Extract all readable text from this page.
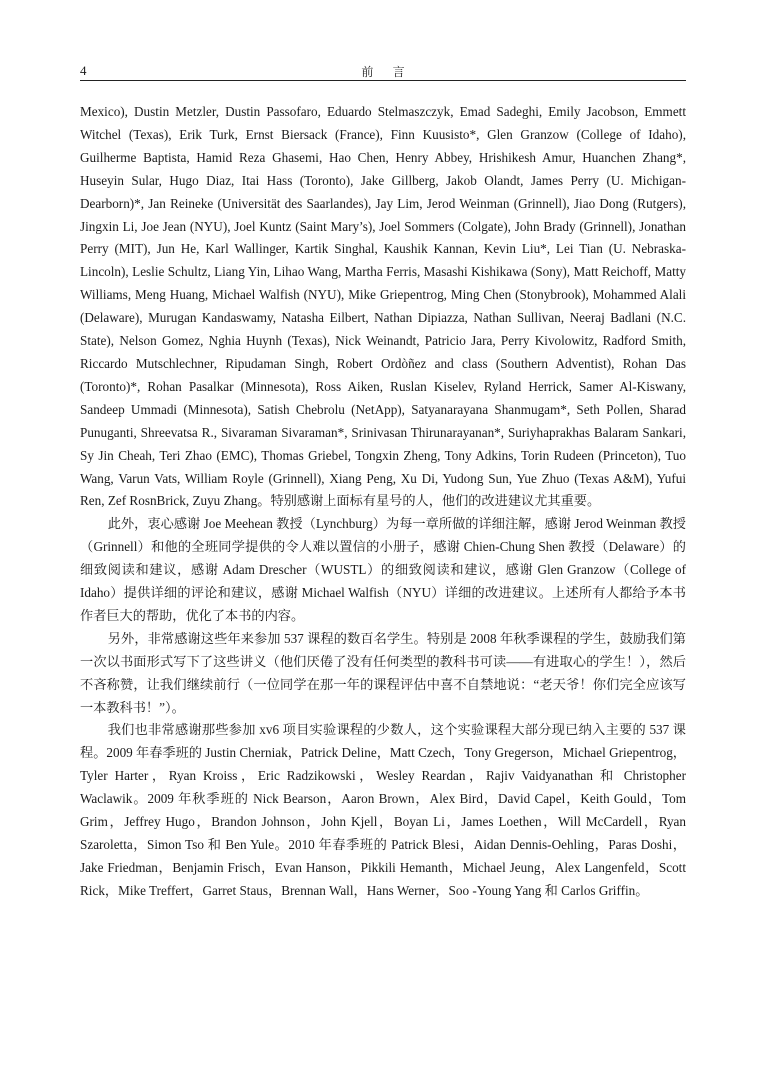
4	前言

Mexico), Dustin Metzler, Dustin Passofaro, Eduardo Stelmaszczyk, Emad Sadeghi, Emily Jacobson, Emmett Witchel (Texas), Erik Turk, Ernst Biersack (France), Finn Kuusisto*, Glen Granzow (College of Idaho), Guilherme Baptista, Hamid Reza Ghasemi, Hao Chen, Henry Abbey, Hrishikesh Amur, Huanchen Zhang*, Huseyin Sular, Hugo Diaz, Itai Hass (Toronto), Jake Gillberg, Jakob Olandt, James Perry (U. Michigan-Dearborn)*, Jan Reineke (Universität des Saarlandes), Jay Lim, Jerod Weinman (Grinnell), Jiao Dong (Rutgers), Jingxin Li, Joe Jean (NYU), Joel Kuntz (Saint Mary’s), Joel Sommers (Colgate), John Brady (Grinnell), Jonathan Perry (MIT), Jun He, Karl Wallinger, Kartik Singhal, Kaushik Kannan, Kevin Liu*, Lei Tian (U. Nebraska-Lincoln), Leslie Schultz, Liang Yin, Lihao Wang, Martha Ferris, Masashi Kishikawa (Sony), Matt Reichoff, Matty Williams, Meng Huang, Michael Walfish (NYU), Mike Griepentrog, Ming Chen (Stonybrook), Mohammed Alali (Delaware), Murugan Kandaswamy, Natasha Eilbert, Nathan Dipiazza, Nathan Sullivan, Neeraj Badlani (N.C. State), Nelson Gomez, Nghia Huynh (Texas), Nick Weinandt, Patricio Jara, Perry Kivolowitz, Radford Smith, Riccardo Mutschlechner, Ripudaman Singh, Robert Ordòñez and class (Southern Adventist), Rohan Das (Toronto)*, Rohan Pasalkar (Minnesota), Ross Aiken, Ruslan Kiselev, Ryland Herrick, Samer Al-Kiswany, Sandeep Ummadi (Minnesota), Satish Chebrolu (NetApp), Satyanarayana Shanmugam*, Seth Pollen, Sharad Punuganti, Shreevatsa R., Sivaraman Sivaraman*, Srinivasan Thirunarayanan*, Suriyhaprakhas Balaram Sankari, Sy Jin Cheah, Teri Zhao (EMC), Thomas Griebel, Tongxin Zheng, Tony Adkins, Torin Rudeen (Princeton), Tuo Wang, Varun Vats, William Royle (Grinnell), Xiang Peng, Xu Di, Yudong Sun, Yue Zhuo (Texas A&M), Yufui Ren, Zef RosnBrick, Zuyu Zhang。特别感谢上面标有星号的人，他们的改进建议尤其重要。

此外，衷心感谢 Joe Meehean 教授（Lynchburg）为每一章所做的详细注解，感谢 Jerod Weinman 教授（Grinnell）和他的全班同学提供的令人难以置信的小册子，感谢 Chien-Chung Shen 教授（Delaware）的细致阅读和建议，感谢 Adam Drescher（WUSTL）的细致阅读和建议，感谢 Glen Granzow（College of Idaho）提供详细的评论和建议，感谢 Michael Walfish（NYU）详细的改进建议。上述所有人都给予本书作者巨大的帮助，优化了本书的内容。

另外，非常感谢这些年来参加 537 课程的数百名学生。特别是 2008 年秋季课程的学生，鼓励我们第一次以书面形式写下了这些讲义（他们厌倦了没有任何类型的教科书可读——有进取心的学生！），然后不吝称赞，让我们继续前行（一位同学在那一年的课程评估中喜不自禁地说：“老天爷！你们完全应该写一本教科书！”）。

我们也非常感谢那些参加 xv6 项目实验课程的少数人，这个实验课程大部分现已纳入主要的 537 课程。2009 年春季班的 Justin Cherniak，Patrick Deline，Matt Czech，Tony Gregerson，Michael Griepentrog，Tyler Harter，Ryan Kroiss，Eric Radzikowski，Wesley Reardan，Rajiv Vaidyanathan 和 Christopher Waclawik。2009 年秋季班的 Nick Bearson，Aaron Brown，Alex Bird，David Capel，Keith Gould，Tom Grim，Jeffrey Hugo，Brandon Johnson，John Kjell，Boyan Li，James Loethen，Will McCardell，Ryan Szaroletta，Simon Tso 和 Ben Yule。2010 年春季班的 Patrick Blesi，Aidan Dennis-Oehling，Paras Doshi，Jake Friedman，Benjamin Frisch，Evan Hanson，Pikkili Hemanth，Michael Jeung，Alex Langenfeld，Scott Rick，Mike Treffert，Garret Staus，Brennan Wall，Hans Werner，Soo -Young Yang 和 Carlos Griffin。
